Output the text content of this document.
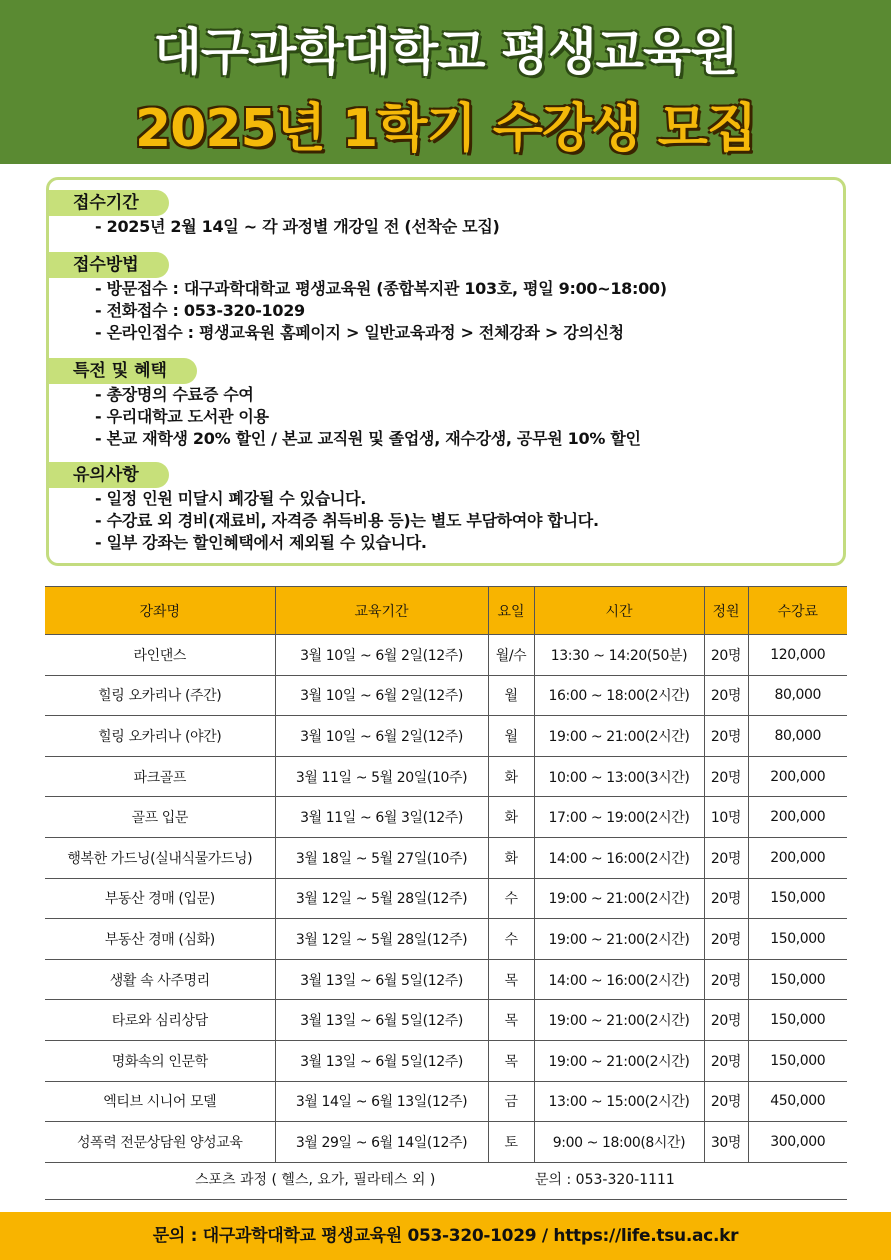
대구과학대학교 평생교육원
2025년 1학기 수강생 모집
접수기간
- 2025년 2월 14일 ~ 각 과정별 개강일 전 (선착순 모집)
접수방법
- 방문접수 : 대구과학대학교 평생교육원 (종합복지관 103호, 평일 9:00~18:00)
- 전화접수 : 053-320-1029
- 온라인접수 : 평생교육원 홈페이지 > 일반교육과정 > 전체강좌 > 강의신청
특전 및 혜택
- 총장명의 수료증 수여
- 우리대학교 도서관 이용
- 본교 재학생 20% 할인 / 본교 교직원 및 졸업생, 재수강생, 공무원 10% 할인
유의사항
- 일정 인원 미달시 폐강될 수 있습니다.
- 수강료 외 경비(재료비, 자격증 취득비용 등)는 별도 부담하여야 합니다.
- 일부 강좌는 할인혜택에서 제외될 수 있습니다.
강좌명	교육기간	요일	시간	정원	수강료
라인댄스	3월 10일 ~ 6월 2일(12주)	월/수	13:30 ~ 14:20(50분)	20명	120,000
힐링 오카리나 (주간)	3월 10일 ~ 6월 2일(12주)	월	16:00 ~ 18:00(2시간)	20명	80,000
힐링 오카리나 (야간)	3월 10일 ~ 6월 2일(12주)	월	19:00 ~ 21:00(2시간)	20명	80,000
파크골프	3월 11일 ~ 5월 20일(10주)	화	10:00 ~ 13:00(3시간)	20명	200,000
골프 입문	3월 11일 ~ 6월 3일(12주)	화	17:00 ~ 19:00(2시간)	10명	200,000
행복한 가드닝(실내식물가드닝)	3월 18일 ~ 5월 27일(10주)	화	14:00 ~ 16:00(2시간)	20명	200,000
부동산 경매 (입문)	3월 12일 ~ 5월 28일(12주)	수	19:00 ~ 21:00(2시간)	20명	150,000
부동산 경매 (심화)	3월 12일 ~ 5월 28일(12주)	수	19:00 ~ 21:00(2시간)	20명	150,000
생활 속 사주명리	3월 13일 ~ 6월 5일(12주)	목	14:00 ~ 16:00(2시간)	20명	150,000
타로와 심리상담	3월 13일 ~ 6월 5일(12주)	목	19:00 ~ 21:00(2시간)	20명	150,000
명화속의 인문학	3월 13일 ~ 6월 5일(12주)	목	19:00 ~ 21:00(2시간)	20명	150,000
엑티브 시니어 모델	3월 14일 ~ 6월 13일(12주)	금	13:00 ~ 15:00(2시간)	20명	450,000
성폭력 전문상담원 양성교육	3월 29일 ~ 6월 14일(12주)	토	9:00 ~ 18:00(8시간)	30명	300,000
스포츠 과정 ( 헬스, 요가, 필라테스 외 )	문의 : 053-320-1111
문의 : 대구과학대학교 평생교육원 053-320-1029 / https://life.tsu.ac.kr
